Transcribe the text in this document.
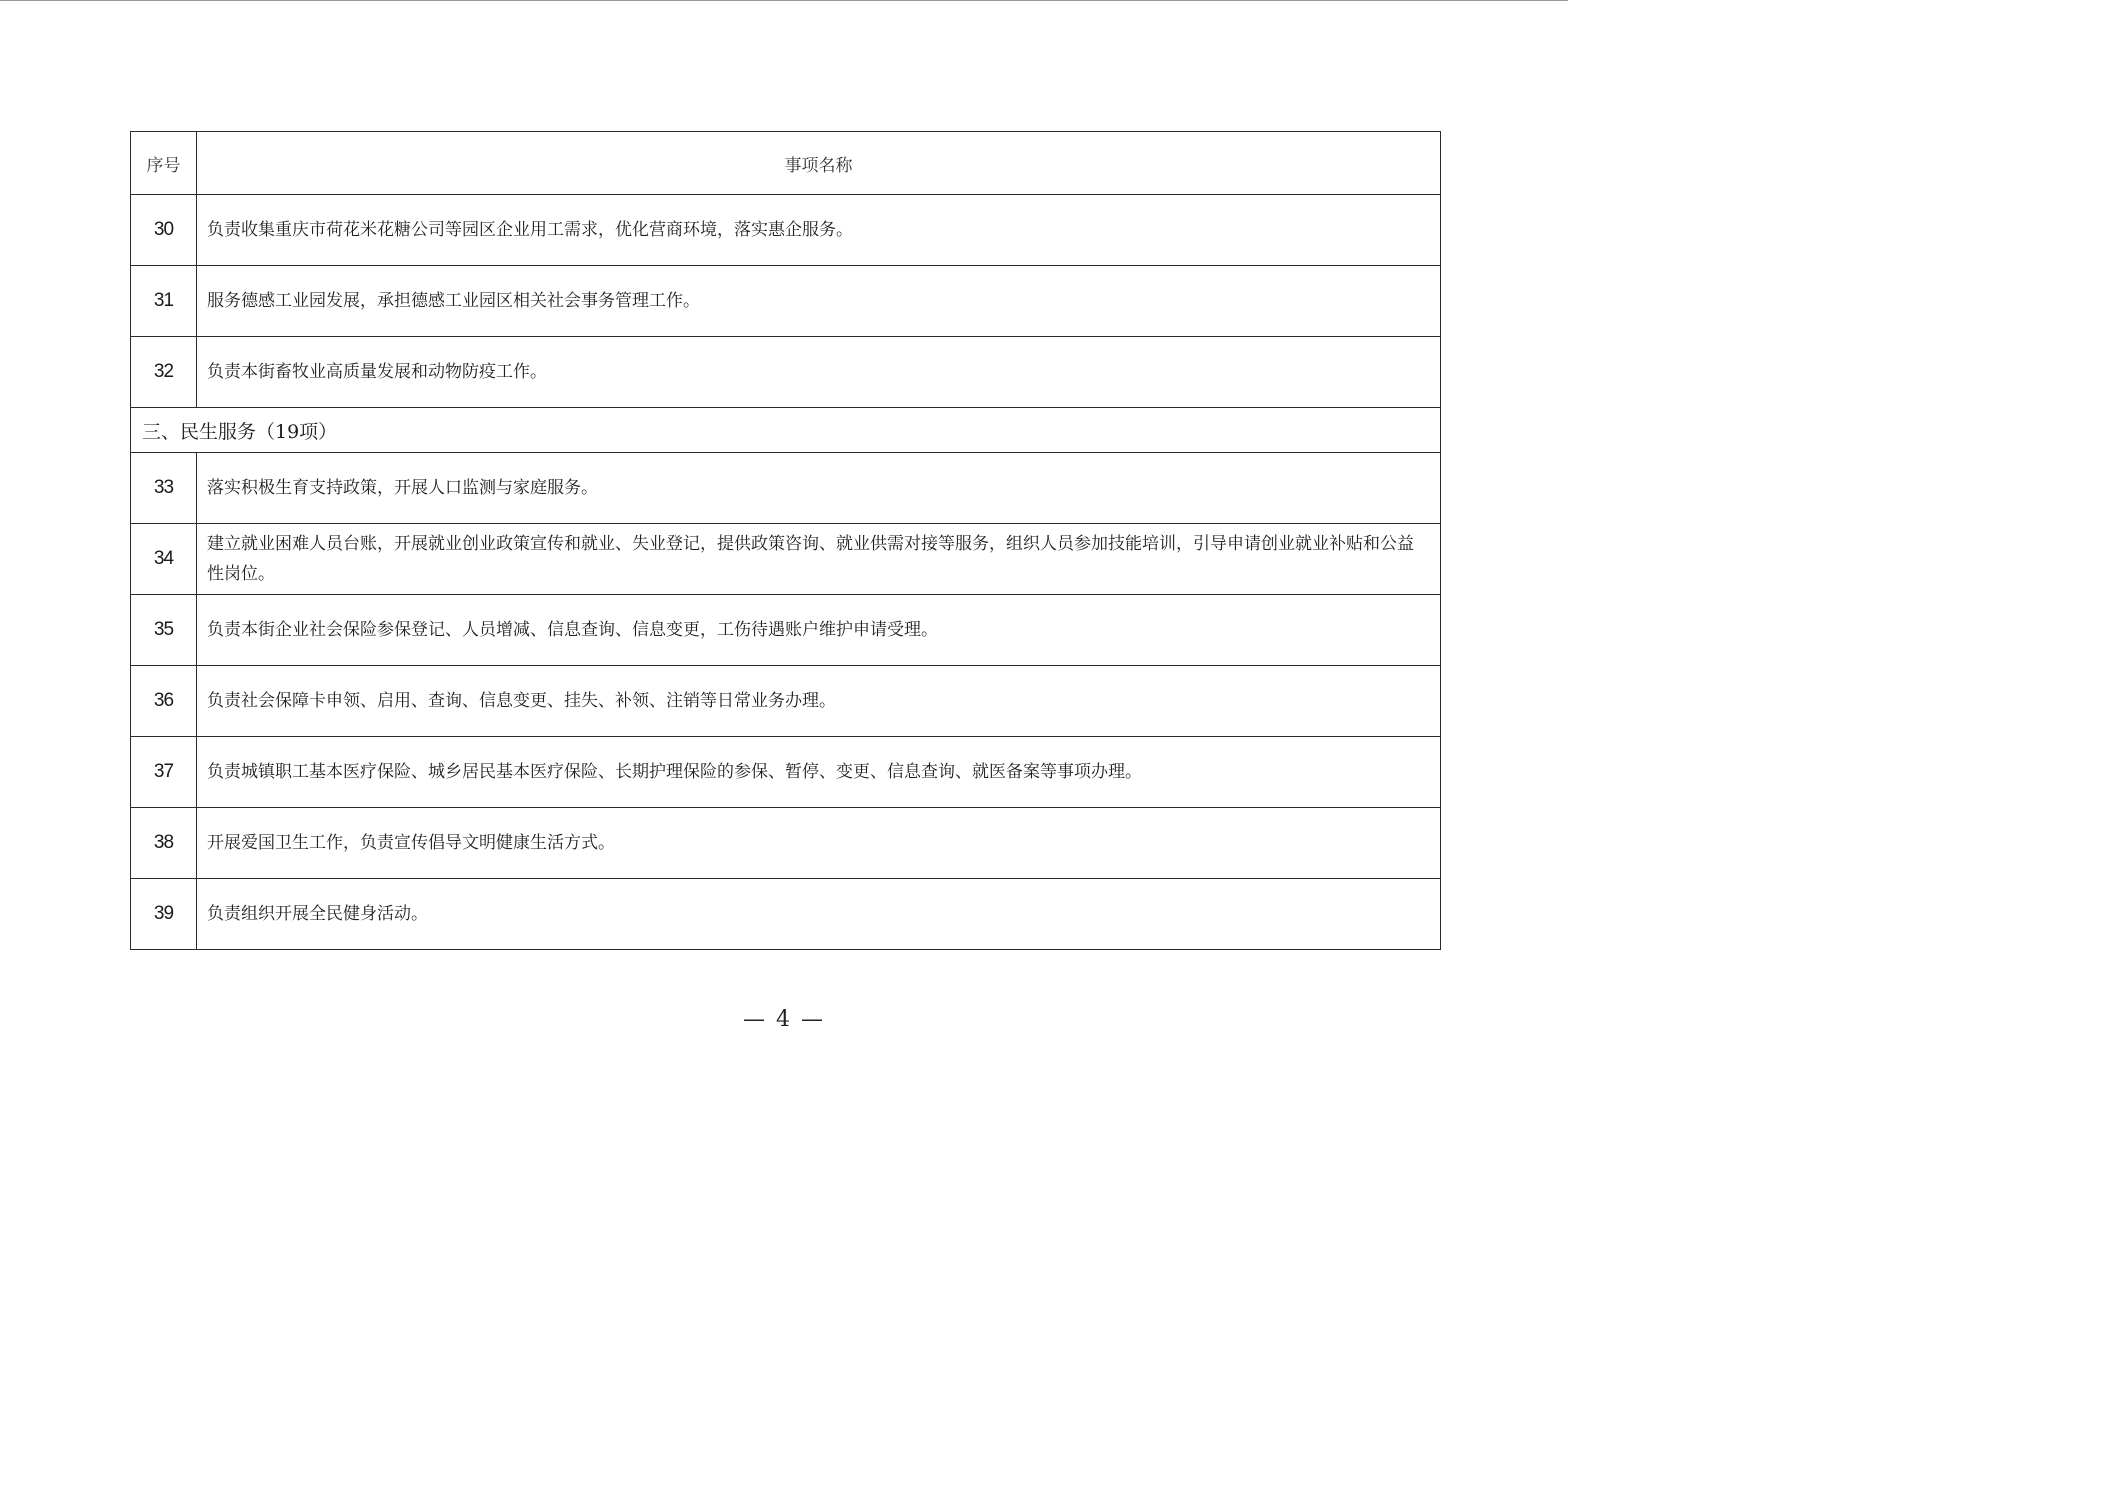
序号	事项名称
30	负责收集重庆市荷花米花糖公司等园区企业用工需求，优化营商环境，落实惠企服务。
31	服务德感工业园发展，承担德感工业园区相关社会事务管理工作。
32	负责本街畜牧业高质量发展和动物防疫工作。
三、民生服务（19项）	
33	落实积极生育支持政策，开展人口监测与家庭服务。
34	建立就业困难人员台账，开展就业创业政策宣传和就业、失业登记，提供政策咨询、就业供需对接等服务，组织人员参加技能培训，引导申请创业就业补贴和公益性岗位。
35	负责本街企业社会保险参保登记、人员增减、信息查询、信息变更，工伤待遇账户维护申请受理。
36	负责社会保障卡申领、启用、查询、信息变更、挂失、补领、注销等日常业务办理。
37	负责城镇职工基本医疗保险、城乡居民基本医疗保险、长期护理保险的参保、暂停、变更、信息查询、就医备案等事项办理。
38	开展爱国卫生工作，负责宣传倡导文明健康生活方式。
39	负责组织开展全民健身活动。
— 4 —
